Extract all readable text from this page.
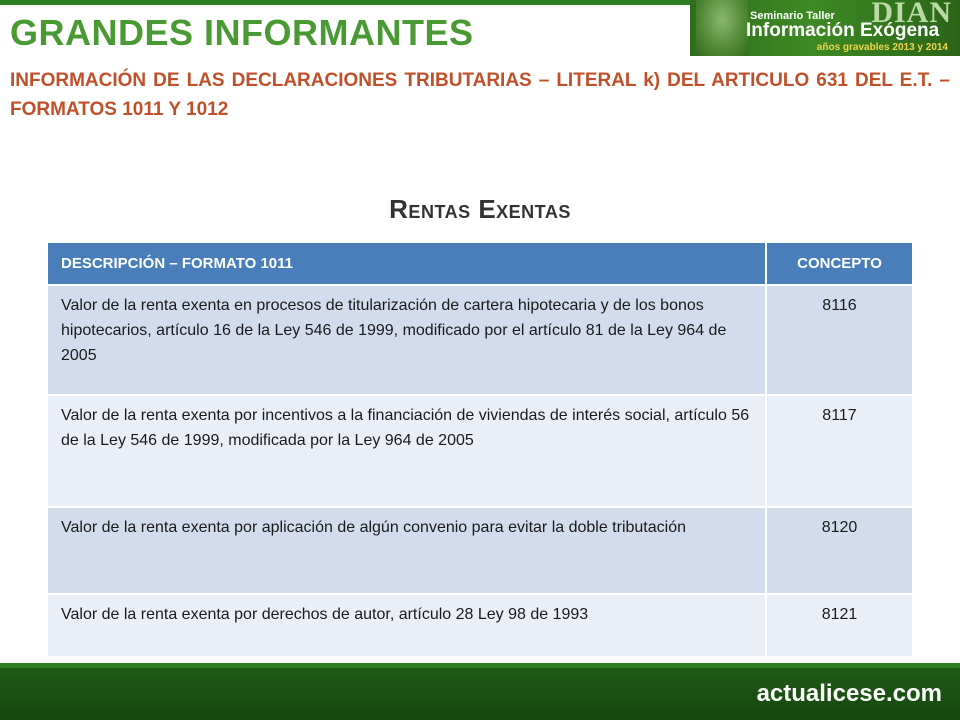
GRANDES INFORMANTES
INFORMACIÓN DE LAS DECLARACIONES TRIBUTARIAS – LITERAL k) DEL ARTICULO 631 DEL E.T. – FORMATOS 1011 Y 1012
DIAN
Seminario Taller
Información Exógena
años gravables 2013 y 2014
Rentas Exentas
DESCRIPCIÓN – FORMATO 1011	CONCEPTO
Valor de la renta exenta en procesos de titularización de cartera hipotecaria y de los bonos hipotecarios, artículo 16 de la Ley 546 de 1999, modificado por el artículo 81 de la Ley 964 de 2005	8116
Valor de la renta exenta por incentivos a la financiación de viviendas de interés social, artículo 56 de la Ley 546 de 1999, modificada por la Ley 964 de 2005	8117
Valor de la renta exenta por aplicación de algún convenio para evitar la doble tributación	8120
Valor de la renta exenta por derechos de autor, artículo 28 Ley 98 de 1993	8121
actualicese.com
